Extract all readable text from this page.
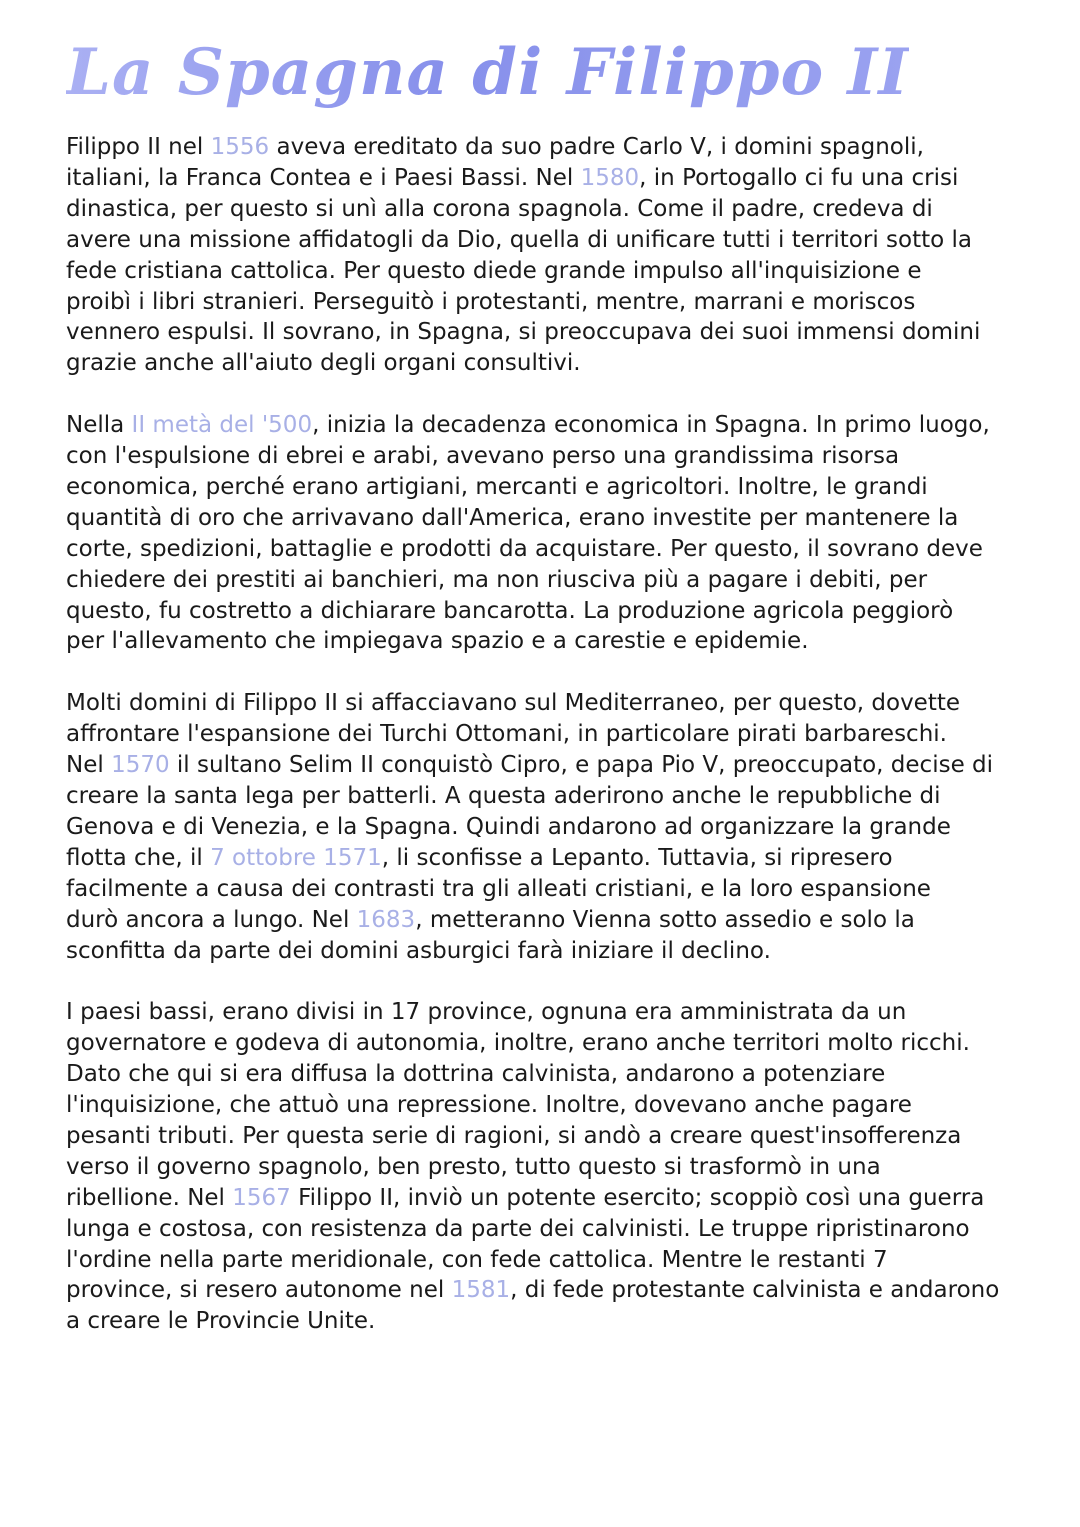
La Spagna di Filippo II

Filippo II nel 1556 aveva ereditato da suo padre Carlo V, i domini spagnoli,
italiani, la Franca Contea e i Paesi Bassi. Nel 1580, in Portogallo ci fu una crisi
dinastica, per questo si unì alla corona spagnola. Come il padre, credeva di
avere una missione affidatogli da Dio, quella di unificare tutti i territori sotto la
fede cristiana cattolica. Per questo diede grande impulso all'inquisizione e
proibì i libri stranieri. Perseguitò i protestanti, mentre, marrani e moriscos
vennero espulsi. Il sovrano, in Spagna, si preoccupava dei suoi immensi domini
grazie anche all'aiuto degli organi consultivi.

Nella II metà del '500, inizia la decadenza economica in Spagna. In primo luogo,
con l'espulsione di ebrei e arabi, avevano perso una grandissima risorsa
economica, perché erano artigiani, mercanti e agricoltori. Inoltre, le grandi
quantità di oro che arrivavano dall'America, erano investite per mantenere la
corte, spedizioni, battaglie e prodotti da acquistare. Per questo, il sovrano deve
chiedere dei prestiti ai banchieri, ma non riusciva più a pagare i debiti, per
questo, fu costretto a dichiarare bancarotta. La produzione agricola peggiorò
per l'allevamento che impiegava spazio e a carestie e epidemie.

Molti domini di Filippo II si affacciavano sul Mediterraneo, per questo, dovette
affrontare l'espansione dei Turchi Ottomani, in particolare pirati barbareschi.
Nel 1570 il sultano Selim II conquistò Cipro, e papa Pio V, preoccupato, decise di
creare la santa lega per batterli. A questa aderirono anche le repubbliche di
Genova e di Venezia, e la Spagna. Quindi andarono ad organizzare la grande
flotta che, il 7 ottobre 1571, li sconfisse a Lepanto. Tuttavia, si ripresero
facilmente a causa dei contrasti tra gli alleati cristiani, e la loro espansione
durò ancora a lungo. Nel 1683, metteranno Vienna sotto assedio e solo la
sconfitta da parte dei domini asburgici farà iniziare il declino.

I paesi bassi, erano divisi in 17 province, ognuna era amministrata da un
governatore e godeva di autonomia, inoltre, erano anche territori molto ricchi.
Dato che qui si era diffusa la dottrina calvinista, andarono a potenziare
l'inquisizione, che attuò una repressione. Inoltre, dovevano anche pagare
pesanti tributi. Per questa serie di ragioni, si andò a creare quest'insofferenza
verso il governo spagnolo, ben presto, tutto questo si trasformò in una
ribellione. Nel 1567 Filippo II, inviò un potente esercito; scoppiò così una guerra
lunga e costosa, con resistenza da parte dei calvinisti. Le truppe ripristinarono
l'ordine nella parte meridionale, con fede cattolica. Mentre le restanti 7
province, si resero autonome nel 1581, di fede protestante calvinista e andarono
a creare le Provincie Unite.
